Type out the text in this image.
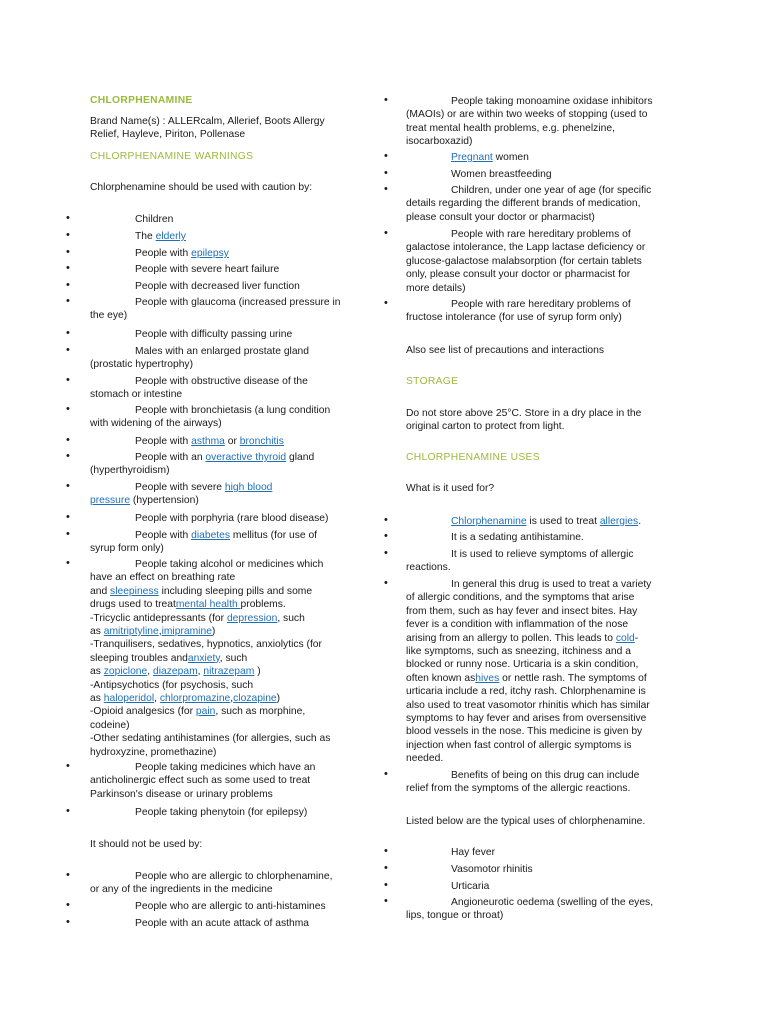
CHLORPHENAMINE
Brand Name(s) : ALLERcalm, Allerief, Boots Allergy
Relief, Hayleve, Piriton, Pollenase
CHLORPHENAMINE WARNINGS
Chlorphenamine should be used with caution by:
•	Children
•	The elderly
•	People with epilepsy
•	People with severe heart failure
•	People with decreased liver function
•	People with glaucoma (increased pressure in
the eye)
•	People with difficulty passing urine
•	Males with an enlarged prostate gland
(prostatic hypertrophy)
•	People with obstructive disease of the
stomach or intestine
•	People with bronchietasis (a lung condition
with widening of the airways)
•	People with asthma or bronchitis
•	People with an overactive thyroid gland
(hyperthyroidism)
•	People with severe high blood
pressure (hypertension)
•	People with porphyria (rare blood disease)
•	People with diabetes mellitus (for use of
syrup form only)
•	People taking alcohol or medicines which
have an effect on breathing rate
and sleepiness including sleeping pills and some
drugs used to treatmental health problems.
-Tricyclic antidepressants (for depression, such
as amitriptyline,imipramine)
-Tranquilisers, sedatives, hypnotics, anxiolytics (for
sleeping troubles andanxiety, such
as zopiclone, diazepam, nitrazepam )
-Antipsychotics (for psychosis, such
as haloperidol, chlorpromazine,clozapine)
-Opioid analgesics (for pain, such as morphine,
codeine)
-Other sedating antihistamines (for allergies, such as
hydroxyzine, promethazine)
•	People taking medicines which have an
anticholinergic effect such as some used to treat
Parkinson's disease or urinary problems
•	People taking phenytoin (for epilepsy)
It should not be used by:
•	People who are allergic to chlorphenamine,
or any of the ingredients in the medicine
•	People who are allergic to anti-histamines
•	People with an acute attack of asthma
•	People taking monoamine oxidase inhibitors
(MAOIs) or are within two weeks of stopping (used to
treat mental health problems, e.g. phenelzine,
isocarboxazid)
•	Pregnant women
•	Women breastfeeding
•	Children, under one year of age (for specific
details regarding the different brands of medication,
please consult your doctor or pharmacist)
•	People with rare hereditary problems of
galactose intolerance, the Lapp lactase deficiency or
glucose-galactose malabsorption (for certain tablets
only, please consult your doctor or pharmacist for
more details)
•	People with rare hereditary problems of
fructose intolerance (for use of syrup form only)
Also see list of precautions and interactions
STORAGE
Do not store above 25°C. Store in a dry place in the
original carton to protect from light.
CHLORPHENAMINE USES
What is it used for?
•	Chlorphenamine is used to treat allergies.
•	It is a sedating antihistamine.
•	It is used to relieve symptoms of allergic
reactions.
•	In general this drug is used to treat a variety
of allergic conditions, and the symptoms that arise
from them, such as hay fever and insect bites. Hay
fever is a condition with inflammation of the nose
arising from an allergy to pollen. This leads to cold-
like symptoms, such as sneezing, itchiness and a
blocked or runny nose. Urticaria is a skin condition,
often known ashives or nettle rash. The symptoms of
urticaria include a red, itchy rash. Chlorphenamine is
also used to treat vasomotor rhinitis which has similar
symptoms to hay fever and arises from oversensitive
blood vessels in the nose. This medicine is given by
injection when fast control of allergic symptoms is
needed.
•	Benefits of being on this drug can include
relief from the symptoms of the allergic reactions.
Listed below are the typical uses of chlorphenamine.
•	Hay fever
•	Vasomotor rhinitis
•	Urticaria
•	Angioneurotic oedema (swelling of the eyes,
lips, tongue or throat)
